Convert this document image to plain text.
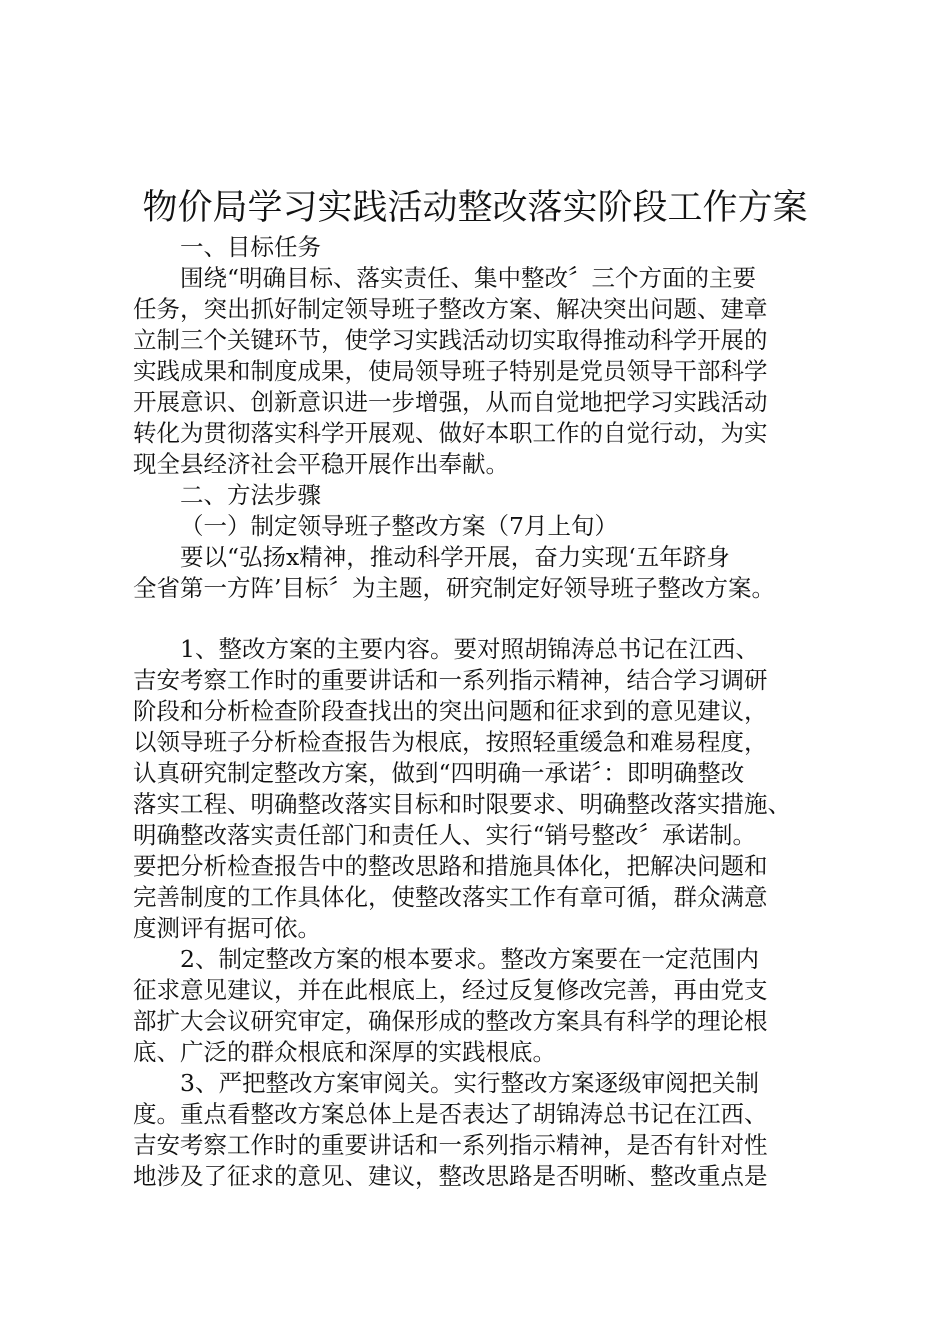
物价局学习实践活动整改落实阶段工作方案
一、目标任务
围绕“明确目标、落实责任、集中整改〞三个方面的主要
任务，突出抓好制定领导班子整改方案、解决突出问题、建章
立制三个关键环节，使学习实践活动切实取得推动科学开展的
实践成果和制度成果，使局领导班子特别是党员领导干部科学
开展意识、创新意识进一步增强，从而自觉地把学习实践活动
转化为贯彻落实科学开展观、做好本职工作的自觉行动，为实
现全县经济社会平稳开展作出奉献。
二、方法步骤
（一）制定领导班子整改方案（7月上旬）
要以“弘扬x精神，推动科学开展，奋力实现‘五年跻身
全省第一方阵’目标〞为主题，研究制定好领导班子整改方案。
1、整改方案的主要内容。要对照胡锦涛总书记在江西、
吉安考察工作时的重要讲话和一系列指示精神，结合学习调研
阶段和分析检查阶段查找出的突出问题和征求到的意见建议，
以领导班子分析检查报告为根底，按照轻重缓急和难易程度，
认真研究制定整改方案，做到“四明确一承诺〞：即明确整改
落实工程、明确整改落实目标和时限要求、明确整改落实措施、
明确整改落实责任部门和责任人、实行“销号整改〞承诺制。
要把分析检查报告中的整改思路和措施具体化，把解决问题和
完善制度的工作具体化，使整改落实工作有章可循，群众满意
度测评有据可依。
2、制定整改方案的根本要求。整改方案要在一定范围内
征求意见建议，并在此根底上，经过反复修改完善，再由党支
部扩大会议研究审定，确保形成的整改方案具有科学的理论根
底、广泛的群众根底和深厚的实践根底。
3、严把整改方案审阅关。实行整改方案逐级审阅把关制
度。重点看整改方案总体上是否表达了胡锦涛总书记在江西、
吉安考察工作时的重要讲话和一系列指示精神，是否有针对性
地涉及了征求的意见、建议，整改思路是否明晰、整改重点是
